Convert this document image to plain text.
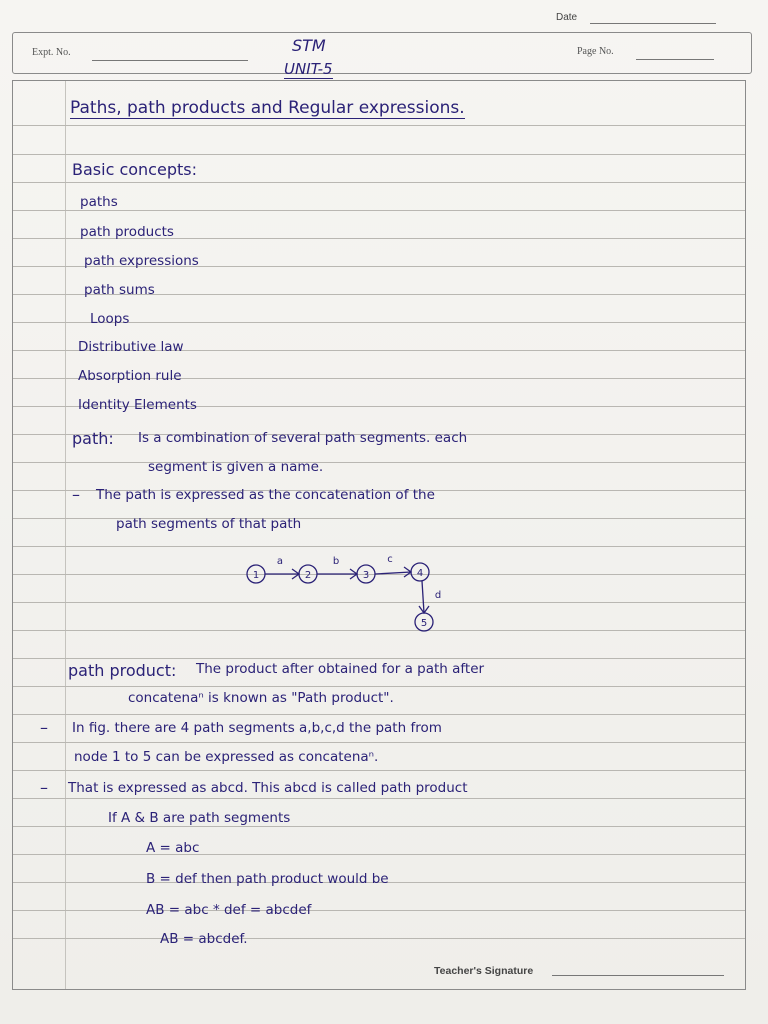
Date
Expt. No.	Page No.
STM
UNIT-5
Paths, path products and Regular expressions.
Basic concepts:
paths
path products
path expressions
path sums
Loops
Distributive law
Absorption rule
Identity Elements
path: Is a combination of several path segments. each
segment is given a name.
– The path is expressed as the concatenation of the
path segments of that path
1	2	3	4
5
a	b	c
d
path product: The product after obtained for a path after
concatenaⁿ is known as "Path product".
– In fig. there are 4 path segments a,b,c,d the path from
node 1 to 5 can be expressed as concatenaⁿ.
– That is expressed as abcd. This abcd is called path product
If A & B are path segments
A = abc
B = def then path product would be
AB = abc * def = abcdef
AB = abcdef.
Teacher's Signature
